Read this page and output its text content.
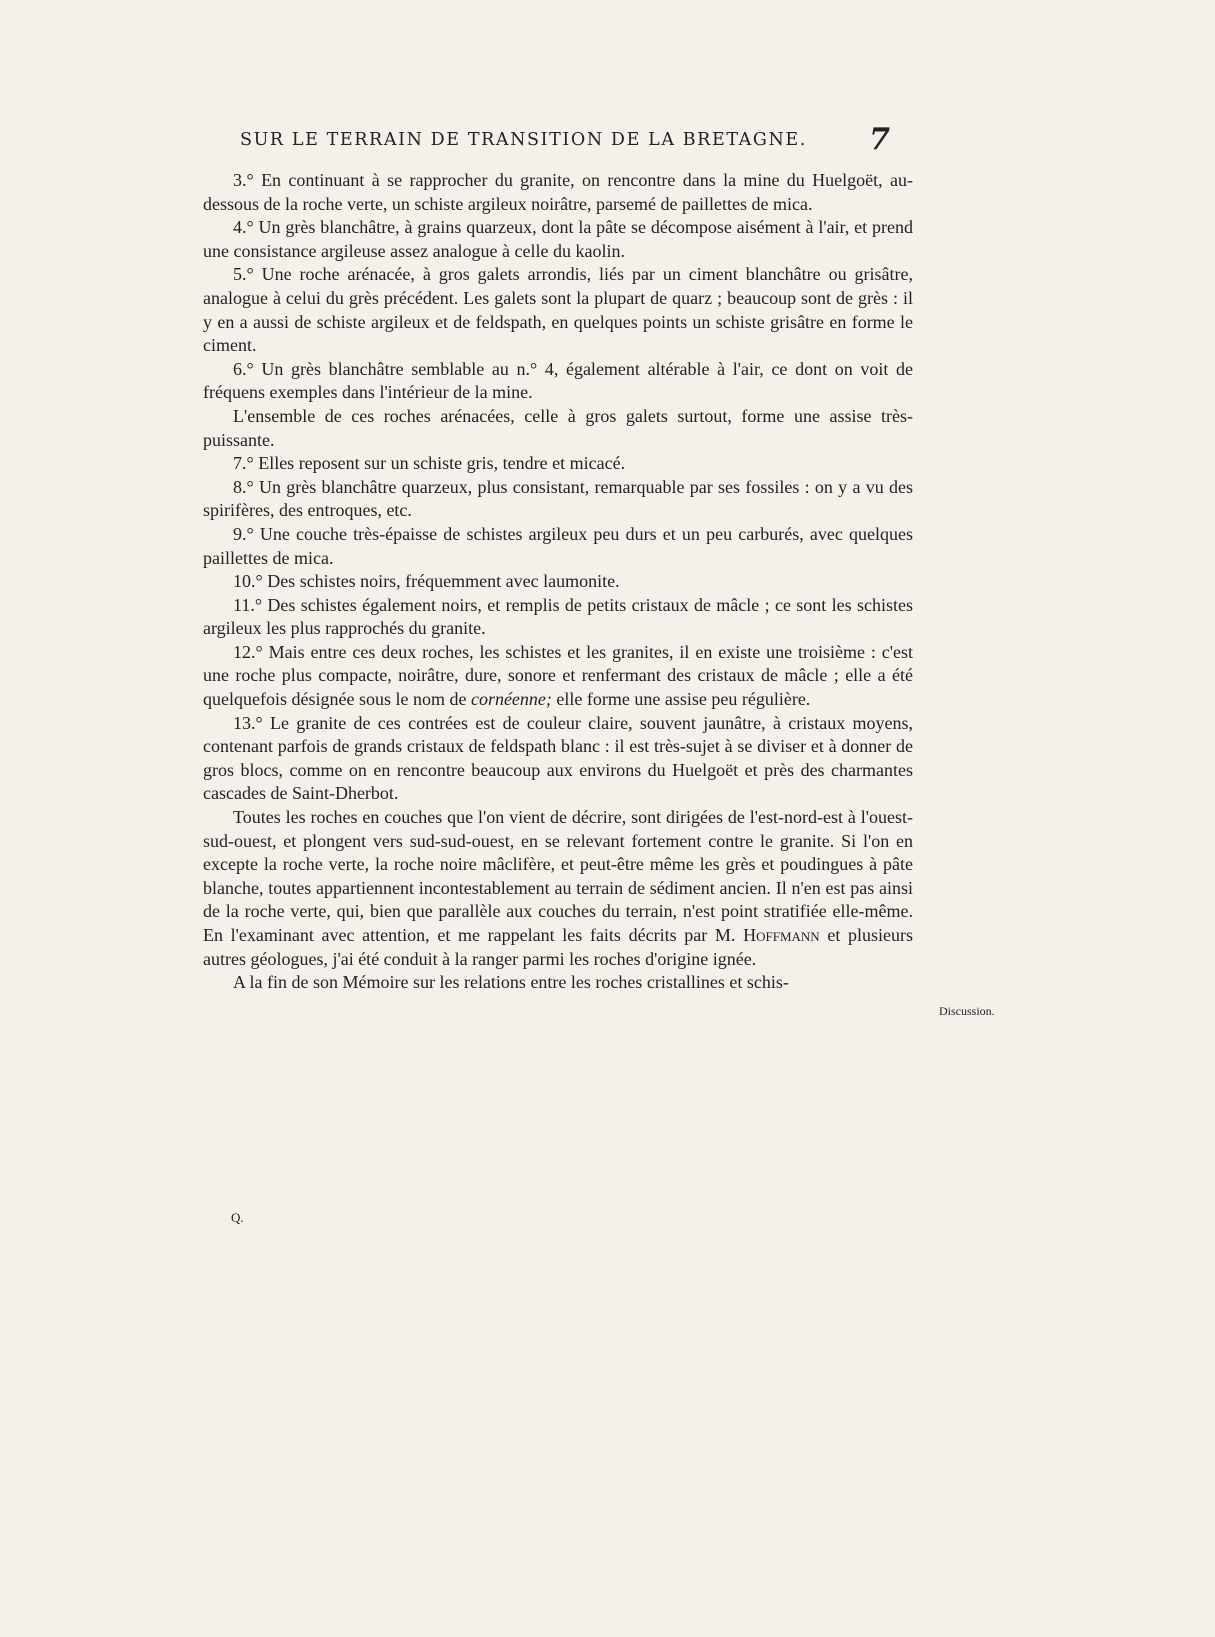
SUR LE TERRAIN DE TRANSITION DE LA BRETAGNE. 7

3.° En continuant à se rapprocher du granite, on rencontre dans la mine du Huelgoët, au-dessous de la roche verte, un schiste argileux noirâtre, parsemé de paillettes de mica.

4.° Un grès blanchâtre, à grains quarzeux, dont la pâte se décompose aisément à l'air, et prend une consistance argileuse assez analogue à celle du kaolin.

5.° Une roche arénacée, à gros galets arrondis, liés par un ciment blanchâtre ou grisâtre, analogue à celui du grès précédent. Les galets sont la plupart de quarz ; beaucoup sont de grès : il y en a aussi de schiste argileux et de feldspath, en quelques points un schiste grisâtre en forme le ciment.

6.° Un grès blanchâtre semblable au n.° 4, également altérable à l'air, ce dont on voit de fréquens exemples dans l'intérieur de la mine.

L'ensemble de ces roches arénacées, celle à gros galets surtout, forme une assise très-puissante.

7.° Elles reposent sur un schiste gris, tendre et micacé.

8.° Un grès blanchâtre quarzeux, plus consistant, remarquable par ses fossiles : on y a vu des spirifères, des entroques, etc.

9.° Une couche très-épaisse de schistes argileux peu durs et un peu carburés, avec quelques paillettes de mica.

10.° Des schistes noirs, fréquemment avec laumonite.

11.° Des schistes également noirs, et remplis de petits cristaux de mâcle ; ce sont les schistes argileux les plus rapprochés du granite.

12.° Mais entre ces deux roches, les schistes et les granites, il en existe une troisième : c'est une roche plus compacte, noirâtre, dure, sonore et renfermant des cristaux de mâcle ; elle a été quelquefois désignée sous le nom de cornéenne; elle forme une assise peu régulière.

13.° Le granite de ces contrées est de couleur claire, souvent jaunâtre, à cristaux moyens, contenant parfois de grands cristaux de feldspath blanc : il est très-sujet à se diviser et à donner de gros blocs, comme on en rencontre beaucoup aux environs du Huelgoët et près des charmantes cascades de Saint-Dherbot.

Toutes les roches en couches que l'on vient de décrire, sont dirigées de l'est-nord-est à l'ouest-sud-ouest, et plongent vers sud-sud-ouest, en se relevant fortement contre le granite. Si l'on en excepte la roche verte, la roche noire mâclifère, et peut-être même les grès et poudingues à pâte blanche, toutes appartiennent incontestablement au terrain de sédiment ancien. Il n'en est pas ainsi de la roche verte, qui, bien que parallèle aux couches du terrain, n'est point stratifiée elle-même. En l'examinant avec attention, et me rappelant les faits décrits par M. Hoffmann et plusieurs autres géologues, j'ai été conduit à la ranger parmi les roches d'origine ignée.

A la fin de son Mémoire sur les relations entre les roches cristallines et schis-

Discussion.
Q.
